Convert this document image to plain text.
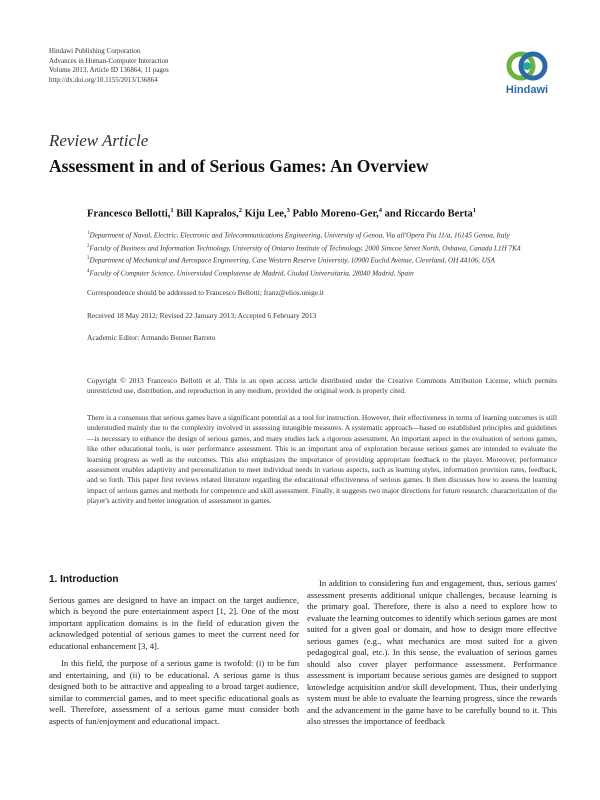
Hindawi Publishing Corporation
Advances in Human-Computer Interaction
Volume 2013, Article ID 136864, 11 pages
http://dx.doi.org/10.1155/2013/136864
Hindawi
Review Article
Assessment in and of Serious Games: An Overview
Francesco Bellotti,$^1$ Bill Kapralos,$^2$ Kiju Lee,$^3$ Pablo Moreno-Ger,$^4$ and Riccardo Berta$^1$
$^1$Department of Naval, Electric, Electronic and Telecommunications Engineering, University of Genoa, Via all'Opera Pia 11/a, 16145 Genoa, Italy
$^2$Faculty of Business and Information Technology, University of Ontario Institute of Technology, 2000 Simcoe Street North, Oshawa, Canada L1H 7K4
$^3$Department of Mechanical and Aerospace Engineering, Case Western Reserve University, 10900 Euclid Avenue, Cleveland, OH 44106, USA
$^4$Faculty of Computer Science, Universidad Complutense de Madrid, Ciudad Universitaria, 28040 Madrid, Spain
Correspondence should be addressed to Francesco Bellotti; franz@elios.unige.it
Received 18 May 2012; Revised 22 January 2013; Accepted 6 February 2013
Academic Editor: Armando Bennet Barreto
Copyright © 2013 Francesco Bellotti et al. This is an open access article distributed under the Creative Commons Attribution License, which permits unrestricted use, distribution, and reproduction in any medium, provided the original work is properly cited.
There is a consensus that serious games have a significant potential as a tool for instruction. However, their effectiveness in terms of learning outcomes is still understudied mainly due to the complexity involved in assessing intangible measures. A systematic approach—based on established principles and guidelines—is necessary to enhance the design of serious games, and many studies lack a rigorous assessment. An important aspect in the evaluation of serious games, like other educational tools, is user performance assessment. This is an important area of exploration because serious games are intended to evaluate the learning progress as well as the outcomes. This also emphasizes the importance of providing appropriate feedback to the player. Moreover, performance assessment enables adaptivity and personalization to meet individual needs in various aspects, such as learning styles, information provision rates, feedback, and so forth. This paper first reviews related literature regarding the educational effectiveness of serious games. It then discusses how to assess the learning impact of serious games and methods for competence and skill assessment. Finally, it suggests two major directions for future research: characterization of the player's activity and better integration of assessment in games.
1. Introduction

Serious games are designed to have an impact on the target audience, which is beyond the pure entertainment aspect [1, 2]. One of the most important application domains is in the field of education given the acknowledged potential of serious games to meet the current need for educational enhancement [3, 4].

In this field, the purpose of a serious game is twofold: (i) to be fun and entertaining, and (ii) to be educational. A serious game is thus designed both to be attractive and appealing to a broad target audience, similar to commercial games, and to meet specific educational goals as well. Therefore, assessment of a serious game must consider both aspects of fun/enjoyment and educational impact.

In addition to considering fun and engagement, thus, serious games' assessment presents additional unique challenges, because learning is the primary goal. Therefore, there is also a need to explore how to evaluate the learning outcomes to identify which serious games are most suited for a given goal or domain, and how to design more effective serious games (e.g., what mechanics are most suited for a given pedagogical goal, etc.). In this sense, the evaluation of serious games should also cover player performance assessment. Performance assessment is important because serious games are designed to support knowledge acquisition and/or skill development. Thus, their underlying system must be able to evaluate the learning progress, since the rewards and the advancement in the game have to be carefully bound to it. This also stresses the importance of feedback
